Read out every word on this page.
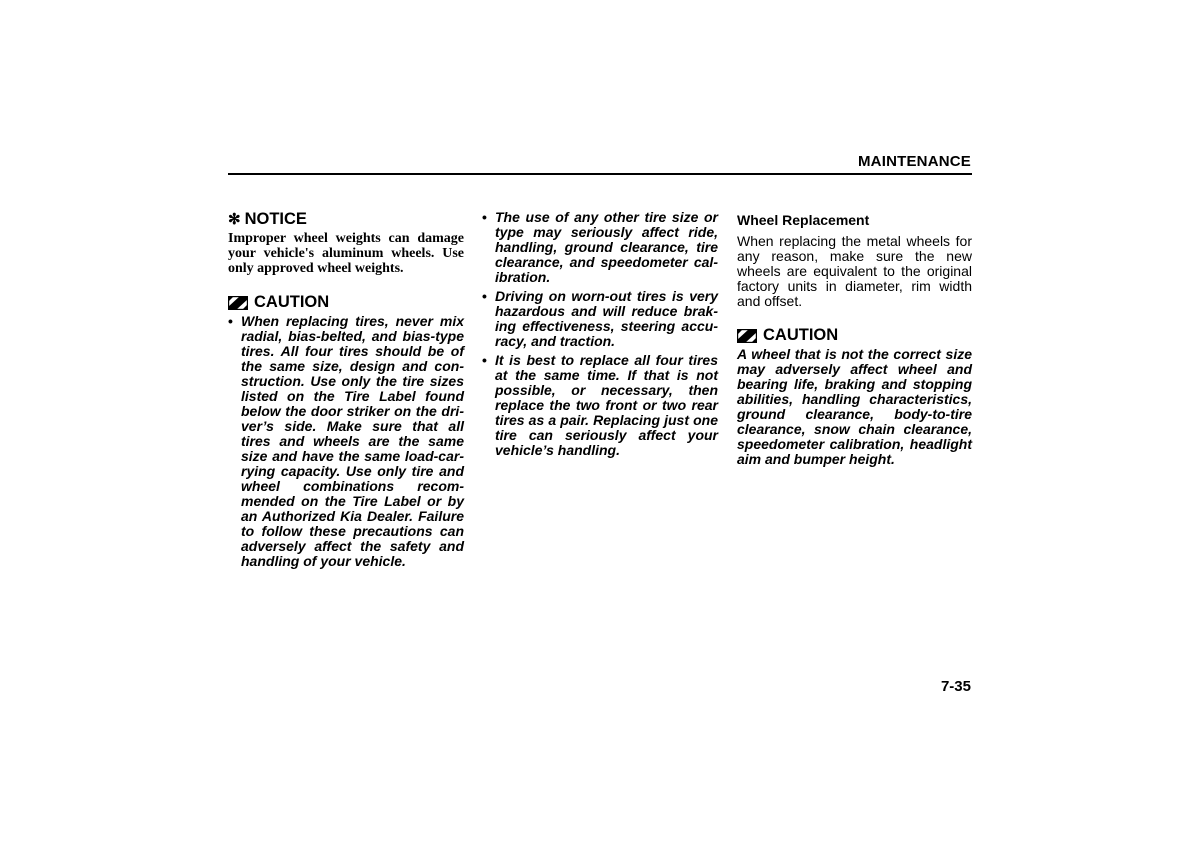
MAINTENANCE
✻ NOTICE
Improper wheel weights can damage your vehicle's aluminum wheels. Use only approved wheel weights.
CAUTION
• When replacing tires, never mix radial, bias-belted, and bias-type tires. All four tires should be of the same size, design and construction. Use only the tire sizes listed on the Tire Label found below the door striker on the driver’s side. Make sure that all tires and wheels are the same size and have the same load-carrying capacity. Use only tire and wheel combinations recommended on the Tire Label or by an Authorized Kia Dealer. Failure to follow these precautions can adversely affect the safety and handling of your vehicle.
• The use of any other tire size or type may seriously affect ride, handling, ground clearance, tire clearance, and speedometer calibration.
• Driving on worn-out tires is very hazardous and will reduce braking effectiveness, steering accuracy, and traction.
• It is best to replace all four tires at the same time. If that is not possible, or necessary, then replace the two front or two rear tires as a pair. Replacing just one tire can seriously affect your vehicle’s handling.
Wheel Replacement
When replacing the metal wheels for any reason, make sure the new wheels are equivalent to the original factory units in diameter, rim width and offset.
CAUTION
A wheel that is not the correct size may adversely affect wheel and bearing life, braking and stopping abilities, handling characteristics, ground clearance, body-to-tire clearance, snow chain clearance, speedometer calibration, headlight aim and bumper height.
7-35
